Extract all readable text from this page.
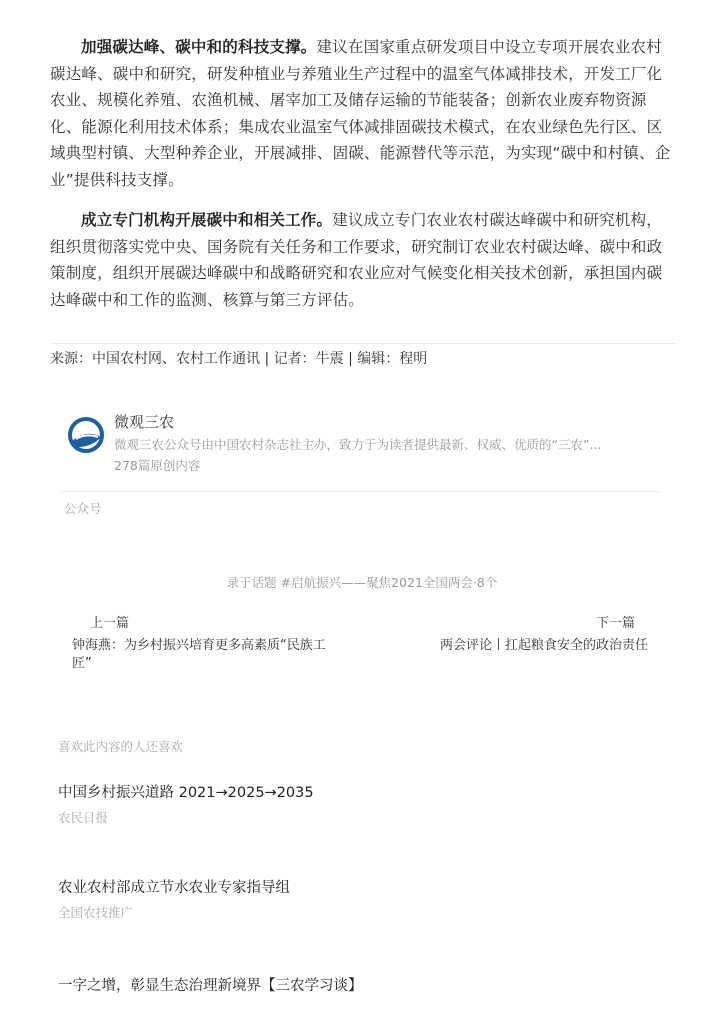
加强碳达峰、碳中和的科技支撑。建议在国家重点研发项目中设立专项开展农业农村碳达峰、碳中和研究，研发种植业与养殖业生产过程中的温室气体减排技术，开发工厂化农业、规模化养殖、农渔机械、屠宰加工及储存运输的节能装备；创新农业废弃物资源化、能源化利用技术体系；集成农业温室气体减排固碳技术模式，在农业绿色先行区、区域典型村镇、大型种养企业，开展减排、固碳、能源替代等示范，为实现“碳中和村镇、企业”提供科技支撑。

成立专门机构开展碳中和相关工作。建议成立专门农业农村碳达峰碳中和研究机构，组织贯彻落实党中央、国务院有关任务和工作要求，研究制订农业农村碳达峰、碳中和政策制度，组织开展碳达峰碳中和战略研究和农业应对气候变化相关技术创新，承担国内碳达峰碳中和工作的监测、核算与第三方评估。

来源：中国农村网、农村工作通讯 | 记者：牛震 | 编辑：程明
微观三农
微观三农公众号由中国农村杂志社主办，致力于为读者提供最新、权威、优质的“三农”...
278篇原创内容
公众号
录于话题 #启航振兴——聚焦2021全国两会·8个
上一篇	下一篇
钟海燕：为乡村振兴培育更多高素质“民族工匠”
两会评论丨扛起粮食安全的政治责任
喜欢此内容的人还喜欢
中国乡村振兴道路 2021→2025→2035
农民日报
农业农村部成立节水农业专家指导组
全国农技推广
一字之增，彰显生态治理新境界【三农学习谈】
